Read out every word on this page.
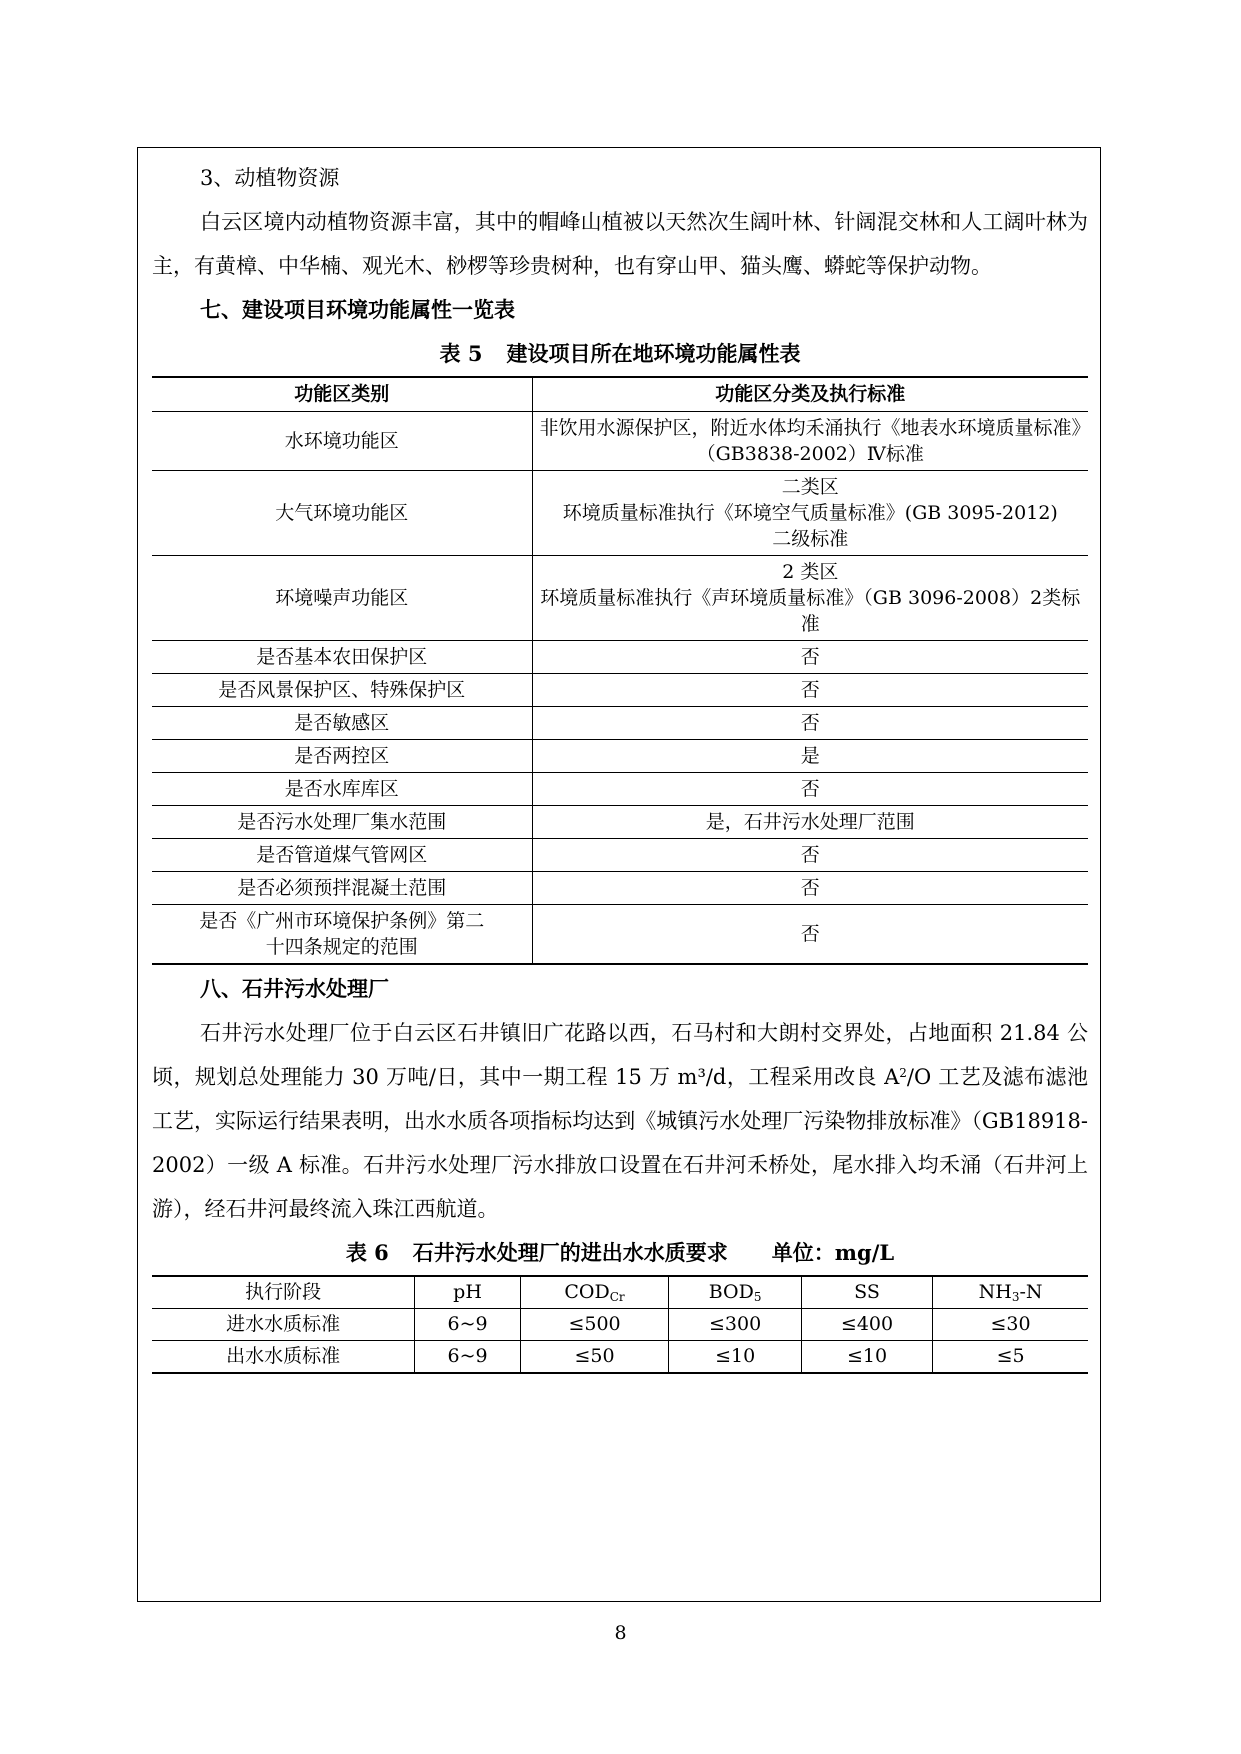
3、动植物资源

白云区境内动植物资源丰富，其中的帽峰山植被以天然次生阔叶林、针阔混交林和人工阔叶林为主，有黄樟、中华楠、观光木、桫椤等珍贵树种，也有穿山甲、猫头鹰、蟒蛇等保护动物。

七、建设项目环境功能属性一览表

表 5 建设项目所在地环境功能属性表

功能区类别	功能区分类及执行标准
水环境功能区	非饮用水源保护区，附近水体均禾涌执行《地表水环境质量标准》（GB3838-2002）Ⅳ标准
大气环境功能区	二类区
环境质量标准执行《环境空气质量标准》(GB 3095-2012)
二级标准

环境噪声功能区	2 类区
环境质量标准执行《声环境质量标准》（GB 3096-2008）2类标准
是否基本农田保护区	否
是否风景保护区、特殊保护区	否
是否敏感区	否
是否两控区	是
是否水库库区	否
是否污水处理厂集水范围	是，石井污水处理厂范围
是否管道煤气管网区	否
是否必须预拌混凝土范围	否
是否《广州市环境保护条例》第二十四条规定的范围	否

八、石井污水处理厂

石井污水处理厂位于白云区石井镇旧广花路以西，石马村和大朗村交界处，占地面积 21.84 公顷，规划总处理能力 30 万吨/日，其中一期工程 15 万 m³/d，工程采用改良 $A^2/O$ 工艺及滤布滤池工艺，实际运行结果表明，出水水质各项指标均达到《城镇污水处理厂污染物排放标准》（GB18918-2002）一级 A 标准。石井污水处理厂污水排放口设置在石井河禾桥处，尾水排入均禾涌（石井河上游），经石井河最终流入珠江西航道。

表 6 石井污水处理厂的进出水水质要求 单位：mg/L

执行阶段	pH	$COD_{Cr}$	$BOD_5$	SS	$NH_3-N$
进水水质标准	6~9	≤500	≤300	≤400	≤30
出水水质标准	6~9	≤50	≤10	≤10	≤5
8
